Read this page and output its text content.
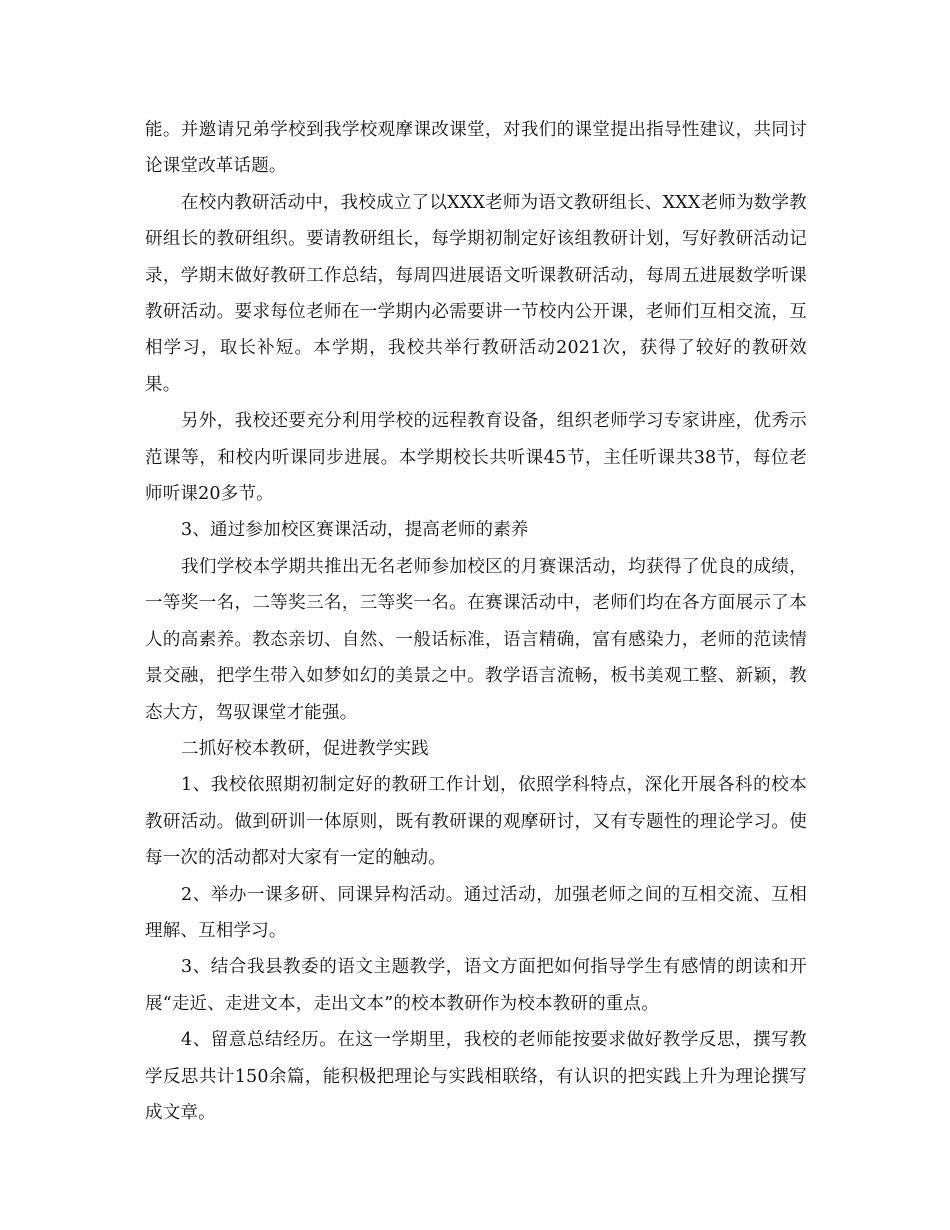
能。并邀请兄弟学校到我学校观摩课改课堂，对我们的课堂提出指导性建议，共同讨论课堂改革话题。

在校内教研活动中，我校成立了以XXX老师为语文教研组长、XXX老师为数学教研组长的教研组织。要请教研组长，每学期初制定好该组教研计划，写好教研活动记录，学期末做好教研工作总结，每周四进展语文听课教研活动，每周五进展数学听课教研活动。要求每位老师在一学期内必需要讲一节校内公开课，老师们互相交流，互相学习，取长补短。本学期，我校共举行教研活动2021次，获得了较好的教研效果。

另外，我校还要充分利用学校的远程教育设备，组织老师学习专家讲座，优秀示范课等，和校内听课同步进展。本学期校长共听课45节，主任听课共38节，每位老师听课20多节。

3、通过参加校区赛课活动，提高老师的素养

我们学校本学期共推出无名老师参加校区的月赛课活动，均获得了优良的成绩，一等奖一名，二等奖三名，三等奖一名。在赛课活动中，老师们均在各方面展示了本人的高素养。教态亲切、自然、一般话标准，语言精确，富有感染力，老师的范读情景交融，把学生带入如梦如幻的美景之中。教学语言流畅，板书美观工整、新颖，教态大方，驾驭课堂才能强。

二抓好校本教研，促进教学实践

1、我校依照期初制定好的教研工作计划，依照学科特点，深化开展各科的校本教研活动。做到研训一体原则，既有教研课的观摩研讨，又有专题性的理论学习。使每一次的活动都对大家有一定的触动。

2、举办一课多研、同课异构活动。通过活动，加强老师之间的互相交流、互相理解、互相学习。

3、结合我县教委的语文主题教学，语文方面把如何指导学生有感情的朗读和开展“走近、走进文本，走出文本”的校本教研作为校本教研的重点。

4、留意总结经历。在这一学期里，我校的老师能按要求做好教学反思，撰写教学反思共计150余篇，能积极把理论与实践相联络，有认识的把实践上升为理论撰写成文章。
